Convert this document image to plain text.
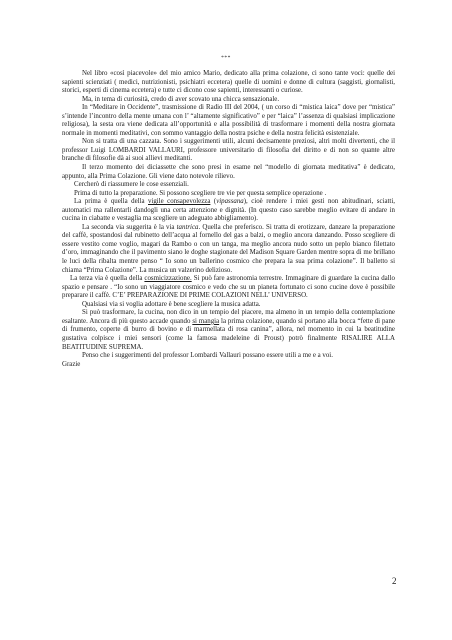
***

Nel libro «così piacevole» del mio amico Mario, dedicato alla prima colazione, ci sono tante voci: quelle dei sapienti scienziati ( medici, nutrizionisti, psichiatri eccetera) quelle di uomini e donne di cultura (saggisti, giornalisti, storici, esperti di cinema eccetera) e tutte ci dicono cose sapienti, interessanti o curiose.

Ma, in tema di curiosità, credo di aver scovato una chicca sensazionale.

In “Meditare in Occidente”, trasmissione di Radio III del 2004, ( un corso di “mistica laica” dove per “mistica” s’intende l’incontro della mente umana con l’ “altamente significativo” e per “laica” l’assenza di qualsiasi implicazione religiosa), la sesta ora viene dedicata all’opportunità e alla possibilità di trasformare i momenti della nostra giornata normale in momenti meditativi, con sommo vantaggio della nostra psiche e della nostra felicità esistenziale.

Non si tratta di una cazzata. Sono i suggerimenti utili, alcuni decisamente preziosi, altri molti divertenti, che il professor Luigi LOMBARDI VALLAURI, professore universitario di filosofia del diritto e di non so quante altre branche di filosofie dà ai suoi allievi meditanti.

Il terzo momento dei diciassette che sono presi in esame nel “modello di giornata meditativa” è dedicato, appunto, alla Prima Colazione. Gli viene dato notevole rilievo.

Cercherò di riassumere le cose essenziali.

Prima di tutto la preparazione. Si possono scegliere tre vie per questa semplice operazione .

La prima è quella della vigile consapevolezza (vipassana), cioè rendere i miei gesti non abitudinari, sciatti, automatici ma rallentarli dandogli una certa attenzione e dignità. (In questo caso sarebbe meglio evitare di andare in cucina in ciabatte e vestaglia ma scegliere un adeguato abbigliamento).

La seconda via suggerita è la via tantrica. Quella che preferisco. Si tratta di erotizzare, danzare la preparazione del caffè, spostandosi dal rubinetto dell’acqua al fornello del gas a balzi, o meglio ancora danzando. Posso scegliere di essere vestito come voglio, magari da Rambo o con un tanga, ma meglio ancora nudo sotto un peplo bianco filettato d’oro, immaginando che il pavimento siano le doghe stagionate del Madison Square Garden mentre sopra di me brillano le luci della ribalta mentre penso “ Io sono un ballerino cosmico che prepara la sua prima colazione”. Il balletto si chiama “Prima Colazione”. La musica un valzerino delizioso.

La terza via è quella della cosmicizzazione. Si può fare astronomia terrestre. Immaginare di guardare la cucina dallo spazio e pensare . “Io sono un viaggiatore cosmico e vedo che su un pianeta fortunato ci sono cucine dove è possibile preparare il caffè. C’E’ PREPARAZIONE DI PRIME COLAZIONI NELL’ UNIVERSO.

Qualsiasi via si voglia adottare è bene scegliere la musica adatta.

Si può trasformare, la cucina, non dico in un tempio del piacere, ma almeno in un tempio della contemplazione esaltante. Ancora di più questo accade quando si mangia la prima colazione, quando si portano alla bocca “fette di pane di frumento, coperte di burro di bovino e di marmellata di rosa canina”, allora, nel momento in cui la beatitudine gustativa colpisce i miei sensori (come la famosa madeleine di Proust) potrò finalmente RISALIRE ALLA BEATITUDINE SUPREMA.

Penso che i suggerimenti del professor Lombardi Vallauri possano essere utili a me e a voi.

Grazie

2
